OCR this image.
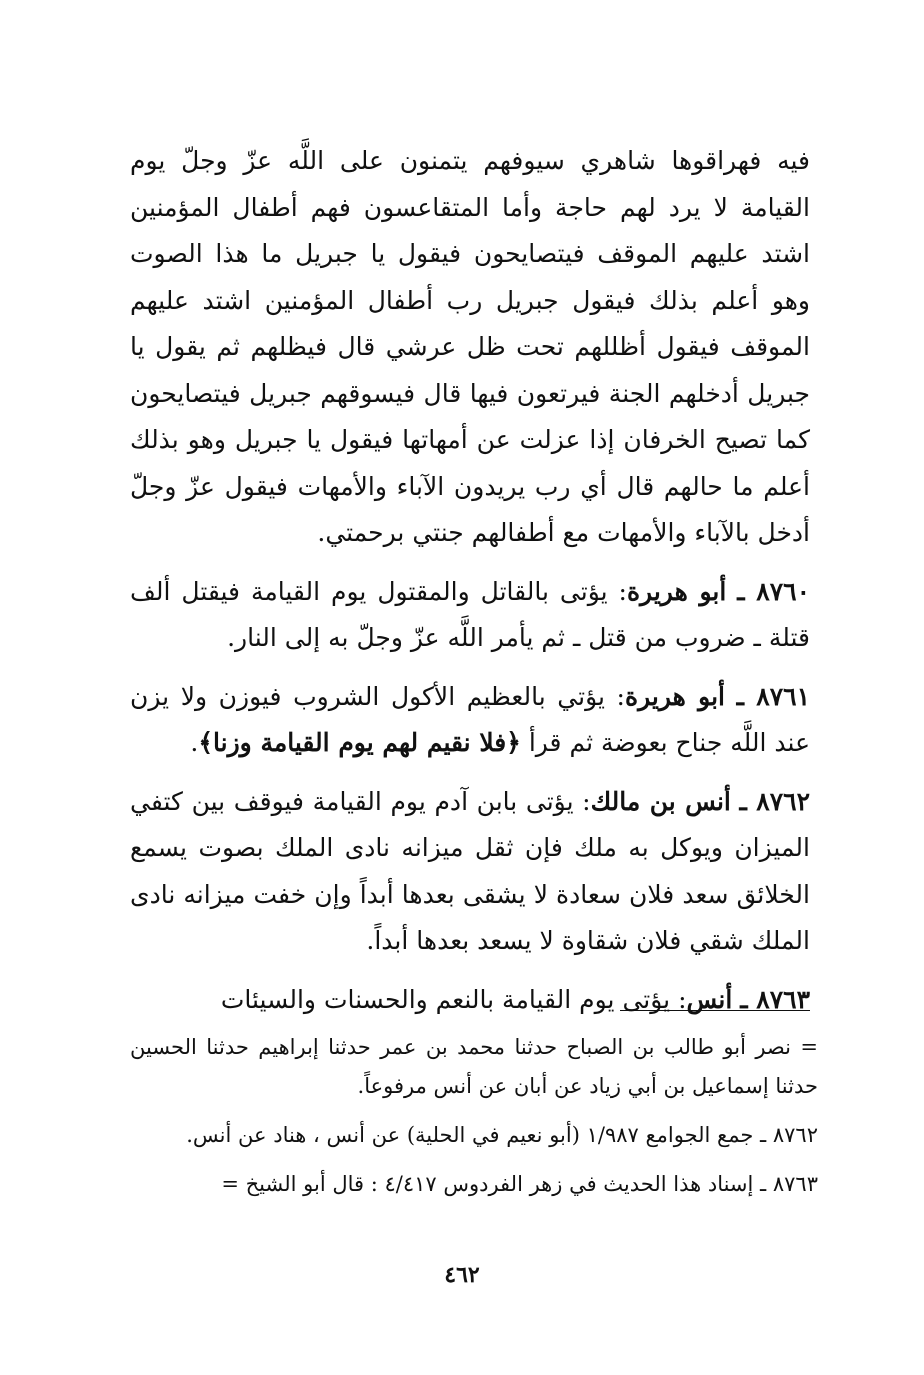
فيه فهراقوها شاهري سيوفهم يتمنون على اللَّه عزّ وجلّ يوم القيامة لا يرد لهم حاجة وأما المتقاعسون فهم أطفال المؤمنين اشتد عليهم الموقف فيتصايحون فيقول يا جبريل ما هذا الصوت وهو أعلم بذلك فيقول جبريل رب أطفال المؤمنين اشتد عليهم الموقف فيقول أظللهم تحت ظل عرشي قال فيظلهم ثم يقول يا جبريل أدخلهم الجنة فيرتعون فيها قال فيسوقهم جبريل فيتصايحون كما تصيح الخرفان إذا عزلت عن أمهاتها فيقول يا جبريل وهو بذلك أعلم ما حالهم قال أي رب يريدون الآباء والأمهات فيقول عزّ وجلّ أدخل بالآباء والأمهات مع أطفالهم جنتي برحمتي.

٨٧٦٠ ـ أبو هريرة: يؤتى بالقاتل والمقتول يوم القيامة فيقتل ألف قتلة ـ ضروب من قتل ـ ثم يأمر اللَّه عزّ وجلّ به إلى النار.

٨٧٦١ ـ أبو هريرة: يؤتي بالعظيم الأكول الشروب فيوزن ولا يزن عند اللَّه جناح بعوضة ثم قرأ ﴿فلا نقيم لهم يوم القيامة وزنا﴾.

٨٧٦٢ ـ أنس بن مالك: يؤتى بابن آدم يوم القيامة فيوقف بين كتفي الميزان ويوكل به ملك فإن ثقل ميزانه نادى الملك بصوت يسمع الخلائق سعد فلان سعادة لا يشقى بعدها أبداً وإن خفت ميزانه نادى الملك شقي فلان شقاوة لا يسعد بعدها أبداً.

٨٧٦٣ ـ أنس: يؤتى يوم القيامة بالنعم والحسنات والسيئات

= نصر أبو طالب بن الصباح حدثنا محمد بن عمر حدثنا إبراهيم حدثنا الحسين حدثنا إسماعيل بن أبي زياد عن أبان عن أنس مرفوعاً.

٨٧٦٢ ـ جمع الجوامع ١/٩٨٧ (أبو نعيم في الحلية) عن أنس ، هناد عن أنس.

٨٧٦٣ ـ إسناد هذا الحديث في زهر الفردوس ٤/٤١٧ : قال أبو الشيخ =

٤٦٢
